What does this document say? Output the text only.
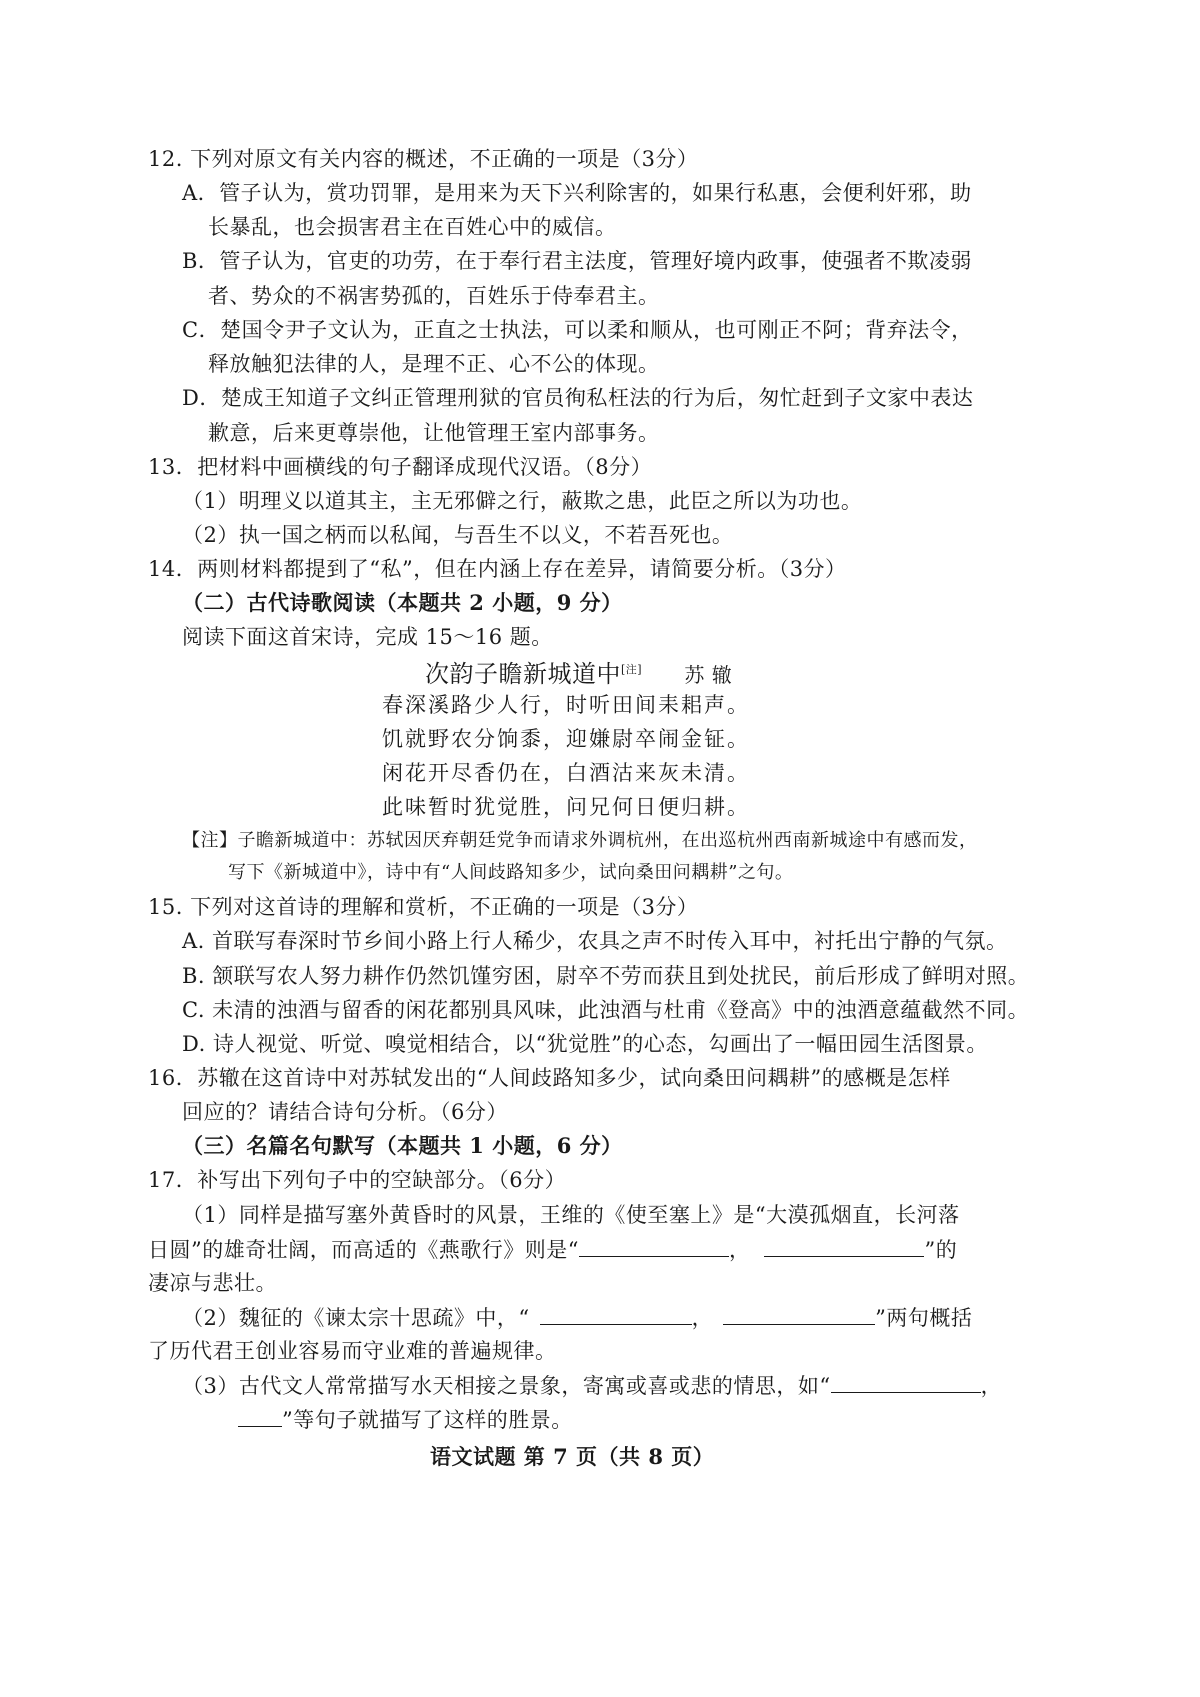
12. 下列对原文有关内容的概述，不正确的一项是（3分）
A．管子认为，赏功罚罪，是用来为天下兴利除害的，如果行私惠，会便利奸邪，助
长暴乱，也会损害君主在百姓心中的威信。
B．管子认为，官吏的功劳，在于奉行君主法度，管理好境内政事，使强者不欺凌弱
者、势众的不祸害势孤的，百姓乐于侍奉君主。
C．楚国令尹子文认为，正直之士执法，可以柔和顺从，也可刚正不阿；背弃法令，
释放触犯法律的人，是理不正、心不公的体现。
D．楚成王知道子文纠正管理刑狱的官员徇私枉法的行为后，匆忙赶到子文家中表达
歉意，后来更尊崇他，让他管理王室内部事务。
13．把材料中画横线的句子翻译成现代汉语。（8分）
（1）明理义以道其主，主无邪僻之行，蔽欺之患，此臣之所以为功也。
（2）执一国之柄而以私闻，与吾生不以义，不若吾死也。
14．两则材料都提到了“私”，但在内涵上存在差异，请简要分析。（3分）
（二）古代诗歌阅读（本题共 2 小题，9 分）
阅读下面这首宋诗，完成 15～16 题。
次韵子瞻新城道中[注] 苏 辙
春深溪路少人行，时听田间耒耜声。
饥就野农分饷黍，迎嫌尉卒闹金钲。
闲花开尽香仍在，白酒沽来灰未清。
此味暂时犹觉胜，问兄何日便归耕。
【注】子瞻新城道中：苏轼因厌弃朝廷党争而请求外调杭州，在出巡杭州西南新城途中有感而发，
写下《新城道中》，诗中有“人间歧路知多少，试向桑田问耦耕”之句。
15. 下列对这首诗的理解和赏析，不正确的一项是（3分）
A. 首联写春深时节乡间小路上行人稀少，农具之声不时传入耳中，衬托出宁静的气氛。
B. 颔联写农人努力耕作仍然饥馑穷困，尉卒不劳而获且到处扰民，前后形成了鲜明对照。
C. 未清的浊酒与留香的闲花都别具风味，此浊酒与杜甫《登高》中的浊酒意蕴截然不同。
D. 诗人视觉、听觉、嗅觉相结合，以“犹觉胜”的心态，勾画出了一幅田园生活图景。
16．苏辙在这首诗中对苏轼发出的“人间歧路知多少，试向桑田问耦耕”的感概是怎样
回应的？请结合诗句分析。（6分）
（三）名篇名句默写（本题共 1 小题，6 分）
17．补写出下列句子中的空缺部分。（6分）
（1）同样是描写塞外黄昏时的风景，王维的《使至塞上》是“大漠孤烟直，长河落
日圆”的雄奇壮阔，而高适的《燕歌行》则是“	，	”的
凄凉与悲壮。
（2）魏征的《谏太宗十思疏》中，“	，	”两句概括
了历代君王创业容易而守业难的普遍规律。
（3）古代文人常常描写水天相接之景象，寄寓或喜或悲的情思，如“	，
”等句子就描写了这样的胜景。
语文试题 第 7 页（共 8 页）
